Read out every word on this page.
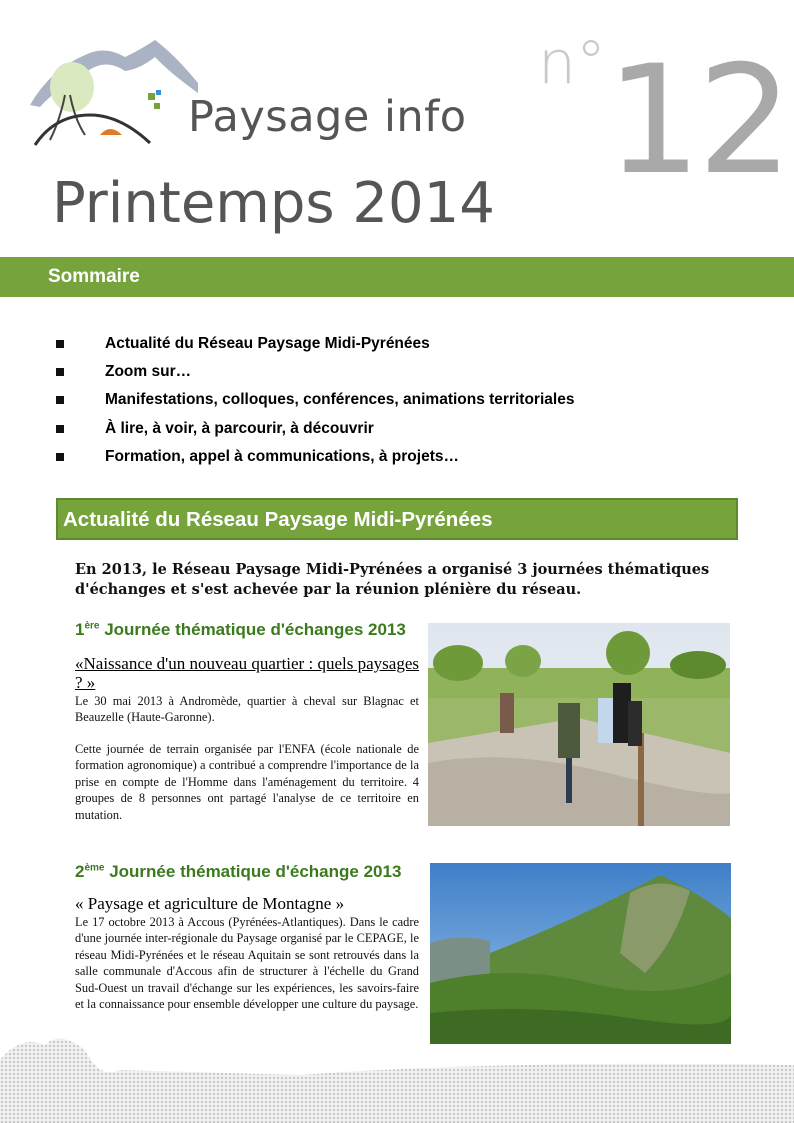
Paysage info
n° 12
Printemps 2014
Sommaire
Actualité du Réseau Paysage Midi-Pyrénées
Zoom sur…
Manifestations, colloques, conférences, animations territoriales
À lire, à voir, à parcourir, à découvrir
Formation, appel à communications, à projets…
Actualité du Réseau Paysage Midi-Pyrénées
En 2013, le Réseau Paysage Midi-Pyrénées a organisé 3 journées thématiques d'échanges et s'est achevée par la réunion plénière du réseau.
1ère Journée thématique d'échanges 2013
«Naissance d'un nouveau quartier : quels paysages ? »
Le 30 mai 2013 à Andromède, quartier à cheval sur Blagnac et Beauzelle (Haute-Garonne).
Cette journée de terrain organisée par l'ENFA (école nationale de formation agronomique) a contribué a comprendre l'importance de la prise en compte de l'Homme dans l'aménagement du territoire. 4 groupes de 8 personnes ont partagé l'analyse de ce territoire en mutation.
2ème Journée thématique d'échange 2013
« Paysage et agriculture de Montagne »
Le 17 octobre 2013 à Accous (Pyrénées-Atlantiques). Dans le cadre d'une journée inter-régionale du Paysage organisé par le CEPAGE, le réseau Midi-Pyrénées et le réseau Aquitain se sont retrouvés dans la salle communale d'Accous afin de structurer à l'échelle du Grand Sud-Ouest un travail d'échange sur les expériences, les savoirs-faire et la connaissance pour ensemble développer une culture du paysage.
